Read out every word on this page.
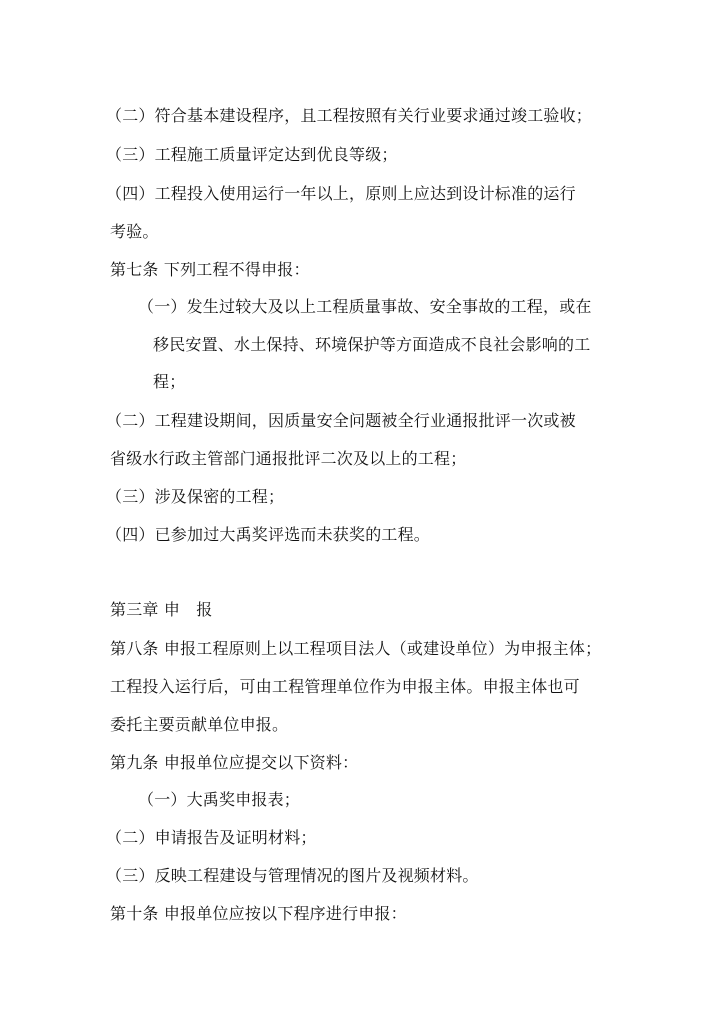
（二）符合基本建设程序，且工程按照有关行业要求通过竣工验收；
（三）工程施工质量评定达到优良等级；
（四）工程投入使用运行一年以上，原则上应达到设计标准的运行
考验。
第七条 下列工程不得申报：
（一）发生过较大及以上工程质量事故、安全事故的工程，或在
移民安置、水土保持、环境保护等方面造成不良社会影响的工
程；
（二）工程建设期间，因质量安全问题被全行业通报批评一次或被
省级水行政主管部门通报批评二次及以上的工程；
（三）涉及保密的工程；
（四）已参加过大禹奖评选而未获奖的工程。
第三章 申　报
第八条 申报工程原则上以工程项目法人（或建设单位）为申报主体；
工程投入运行后，可由工程管理单位作为申报主体。申报主体也可
委托主要贡献单位申报。
第九条 申报单位应提交以下资料：
（一）大禹奖申报表；
（二）申请报告及证明材料；
（三）反映工程建设与管理情况的图片及视频材料。
第十条 申报单位应按以下程序进行申报：
